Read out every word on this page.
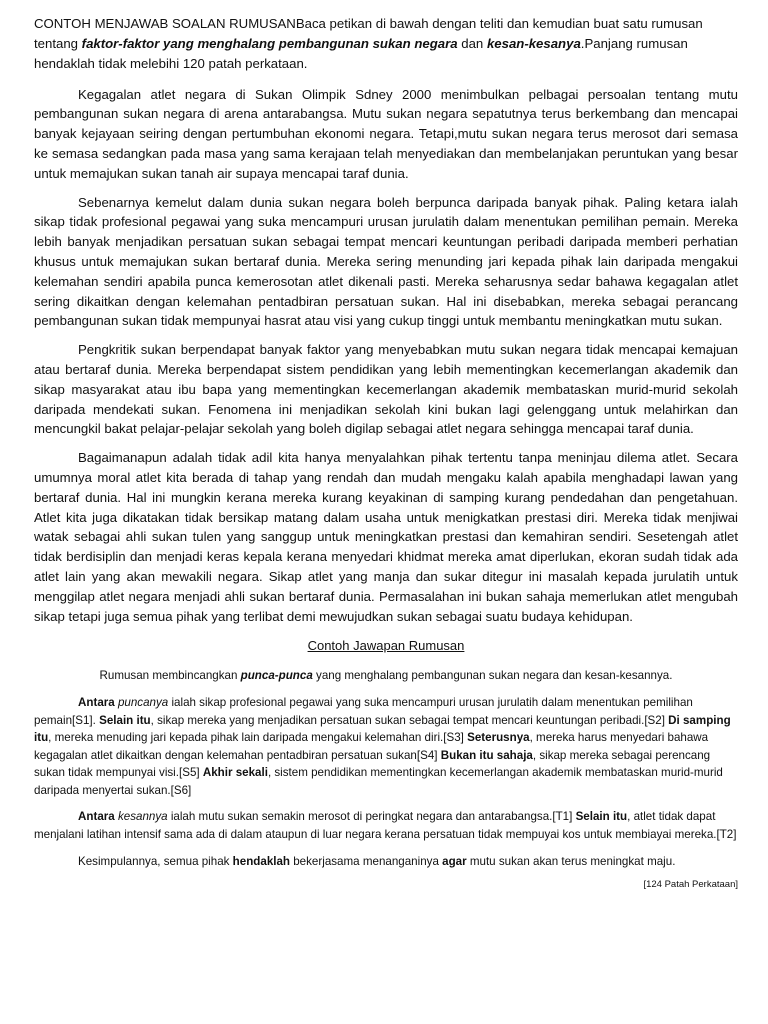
CONTOH MENJAWAB SOALAN RUMUSANBaca petikan di bawah dengan teliti dan kemudian buat satu rumusan tentang faktor-faktor yang menghalang pembangunan sukan negara dan kesan-kesanya.Panjang rumusan hendaklah tidak melebihi 120 patah perkataan.

Kegagalan atlet negara di Sukan Olimpik Sdney 2000 menimbulkan pelbagai persoalan tentang mutu pembangunan sukan negara di arena antarabangsa. Mutu sukan negara sepatutnya terus berkembang dan mencapai banyak kejayaan seiring dengan pertumbuhan ekonomi negara. Tetapi,mutu sukan negara terus merosot dari semasa ke semasa sedangkan pada masa yang sama kerajaan telah menyediakan dan membelanjakan peruntukan yang besar untuk memajukan sukan tanah air supaya mencapai taraf dunia.

Sebenarnya kemelut dalam dunia sukan negara boleh berpunca daripada banyak pihak. Paling ketara ialah sikap tidak profesional pegawai yang suka mencampuri urusan jurulatih dalam menentukan pemilihan pemain. Mereka lebih banyak menjadikan persatuan sukan sebagai tempat mencari keuntungan peribadi daripada memberi perhatian khusus untuk memajukan sukan bertaraf dunia. Mereka sering menunding jari kepada pihak lain daripada mengakui kelemahan sendiri apabila punca kemerosotan atlet dikenali pasti. Mereka seharusnya sedar bahawa kegagalan atlet sering dikaitkan dengan kelemahan pentadbiran persatuan sukan. Hal ini disebabkan, mereka sebagai perancang pembangunan sukan tidak mempunyai hasrat atau visi yang cukup tinggi untuk membantu meningkatkan mutu sukan.

Pengkritik sukan berpendapat banyak faktor yang menyebabkan mutu sukan negara tidak mencapai kemajuan atau bertaraf dunia. Mereka berpendapat sistem pendidikan yang lebih mementingkan kecemerlangan akademik dan sikap masyarakat atau ibu bapa yang mementingkan kecemerlangan akademik membataskan murid-murid sekolah daripada mendekati sukan. Fenomena ini menjadikan sekolah kini bukan lagi gelenggang untuk melahirkan dan mencungkil bakat pelajar-pelajar sekolah yang boleh digilap sebagai atlet negara sehingga mencapai taraf dunia.

Bagaimanapun adalah tidak adil kita hanya menyalahkan pihak tertentu tanpa meninjau dilema atlet. Secara umumnya moral atlet kita berada di tahap yang rendah dan mudah mengaku kalah apabila menghadapi lawan yang bertaraf dunia. Hal ini mungkin kerana mereka kurang keyakinan di samping kurang pendedahan dan pengetahuan. Atlet kita juga dikatakan tidak bersikap matang dalam usaha untuk menigkatkan prestasi diri. Mereka tidak menjiwai watak sebagai ahli sukan tulen yang sanggup untuk meningkatkan prestasi dan kemahiran sendiri. Sesetengah atlet tidak berdisiplin dan menjadi keras kepala kerana menyedari khidmat mereka amat diperlukan, ekoran sudah tidak ada atlet lain yang akan mewakili negara. Sikap atlet yang manja dan sukar ditegur ini masalah kepada jurulatih untuk menggilap atlet negara menjadi ahli sukan bertaraf dunia. Permasalahan ini bukan sahaja memerlukan atlet mengubah sikap tetapi juga semua pihak yang terlibat demi mewujudkan sukan sebagai suatu budaya kehidupan.

Contoh Jawapan Rumusan

Rumusan membincangkan punca-punca yang menghalang pembangunan sukan negara dan kesan-kesannya.

Antara puncanya ialah sikap profesional pegawai yang suka mencampuri urusan jurulatih dalam menentukan pemilihan pemain[S1]. Selain itu, sikap mereka yang menjadikan persatuan sukan sebagai tempat mencari keuntungan peribadi.[S2] Di samping itu, mereka menuding jari kepada pihak lain daripada mengakui kelemahan diri.[S3] Seterusnya, mereka harus menyedari bahawa kegagalan atlet dikaitkan dengan kelemahan pentadbiran persatuan sukan[S4] Bukan itu sahaja, sikap mereka sebagai perencang sukan tidak mempunyai visi.[S5] Akhir sekali, sistem pendidikan mementingkan kecemerlangan akademik membataskan murid-murid daripada menyertai sukan.[S6]

Antara kesannya ialah mutu sukan semakin merosot di peringkat negara dan antarabangsa.[T1] Selain itu, atlet tidak dapat menjalani latihan intensif sama ada di dalam ataupun di luar negara kerana persatuan tidak mempuyai kos untuk membiayai mereka.[T2]

Kesimpulannya, semua pihak hendaklah bekerjasama menanganinya agar mutu sukan akan terus meningkat maju.

[124 Patah Perkataan]
